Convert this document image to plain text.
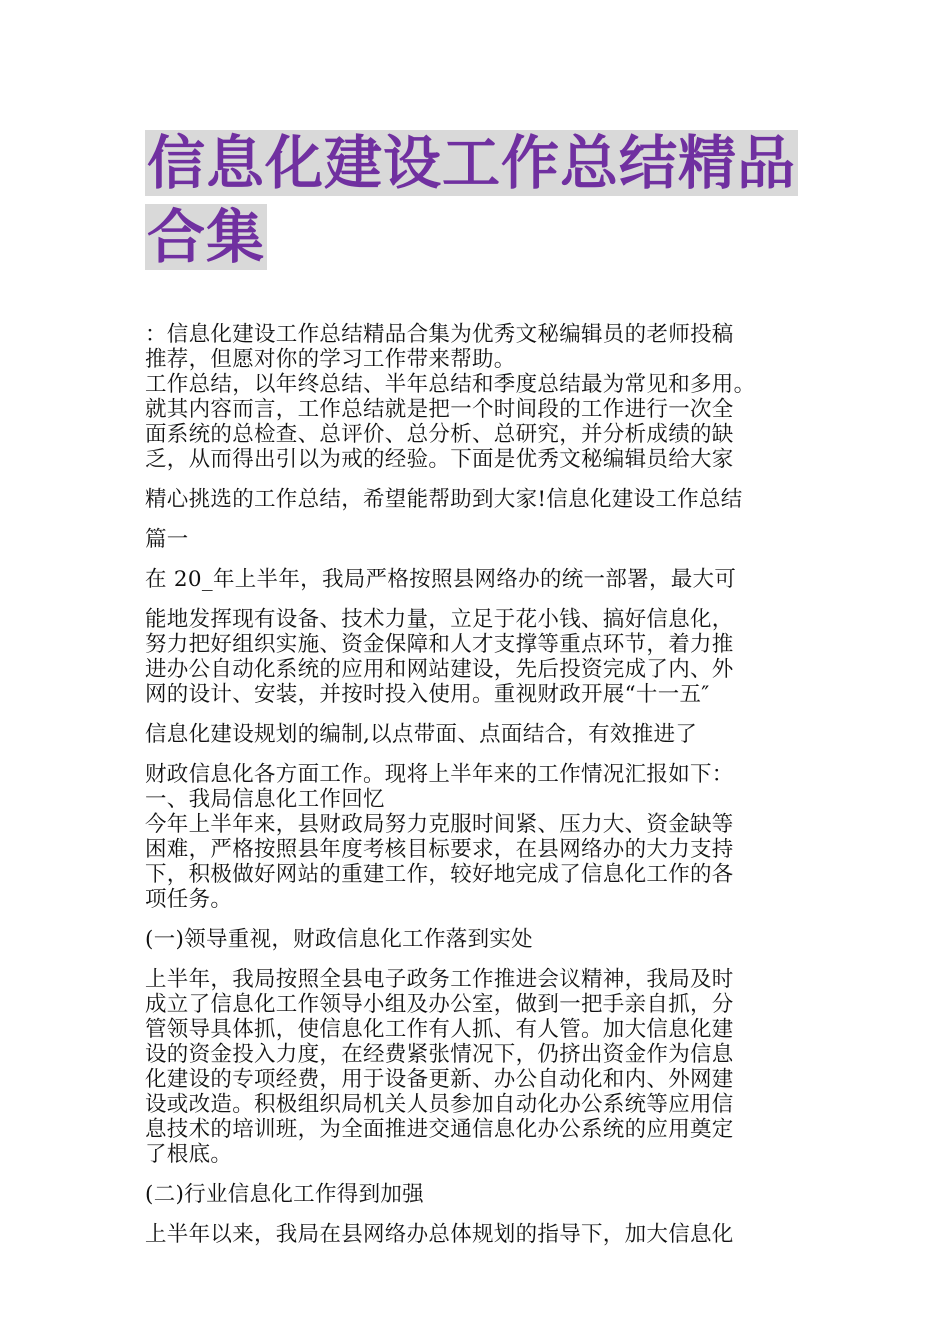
信息化建设工作总结精品
合集

：信息化建设工作总结精品合集为优秀文秘编辑员的老师投稿

推荐，但愿对你的学习工作带来帮助。

工作总结，以年终总结、半年总结和季度总结最为常见和多用。

就其内容而言，工作总结就是把一个时间段的工作进行一次全

面系统的总检查、总评价、总分析、总研究，并分析成绩的缺

乏，从而得出引以为戒的经验。下面是优秀文秘编辑员给大家

精心挑选的工作总结，希望能帮助到大家!信息化建设工作总结

篇一

在 20_年上半年，我局严格按照县网络办的统一部署，最大可

能地发挥现有设备、技术力量，立足于花小钱、搞好信息化，

努力把好组织实施、资金保障和人才支撑等重点环节，着力推

进办公自动化系统的应用和网站建设，先后投资完成了内、外

网的设计、安装，并按时投入使用。重视财政开展“十一五″

信息化建设规划的编制,以点带面、点面结合，有效推进了

财政信息化各方面工作。现将上半年来的工作情况汇报如下：

一、我局信息化工作回忆

今年上半年来，县财政局努力克服时间紧、压力大、资金缺等

困难，严格按照县年度考核目标要求，在县网络办的大力支持

下，积极做好网站的重建工作，较好地完成了信息化工作的各

项任务。

(一)领导重视，财政信息化工作落到实处

上半年，我局按照全县电子政务工作推进会议精神，我局及时

成立了信息化工作领导小组及办公室，做到一把手亲自抓，分

管领导具体抓，使信息化工作有人抓、有人管。加大信息化建

设的资金投入力度，在经费紧张情况下，仍挤出资金作为信息

化建设的专项经费，用于设备更新、办公自动化和内、外网建

设或改造。积极组织局机关人员参加自动化办公系统等应用信

息技术的培训班，为全面推进交通信息化办公系统的应用奠定

了根底。

(二)行业信息化工作得到加强

上半年以来，我局在县网络办总体规划的指导下，加大信息化
